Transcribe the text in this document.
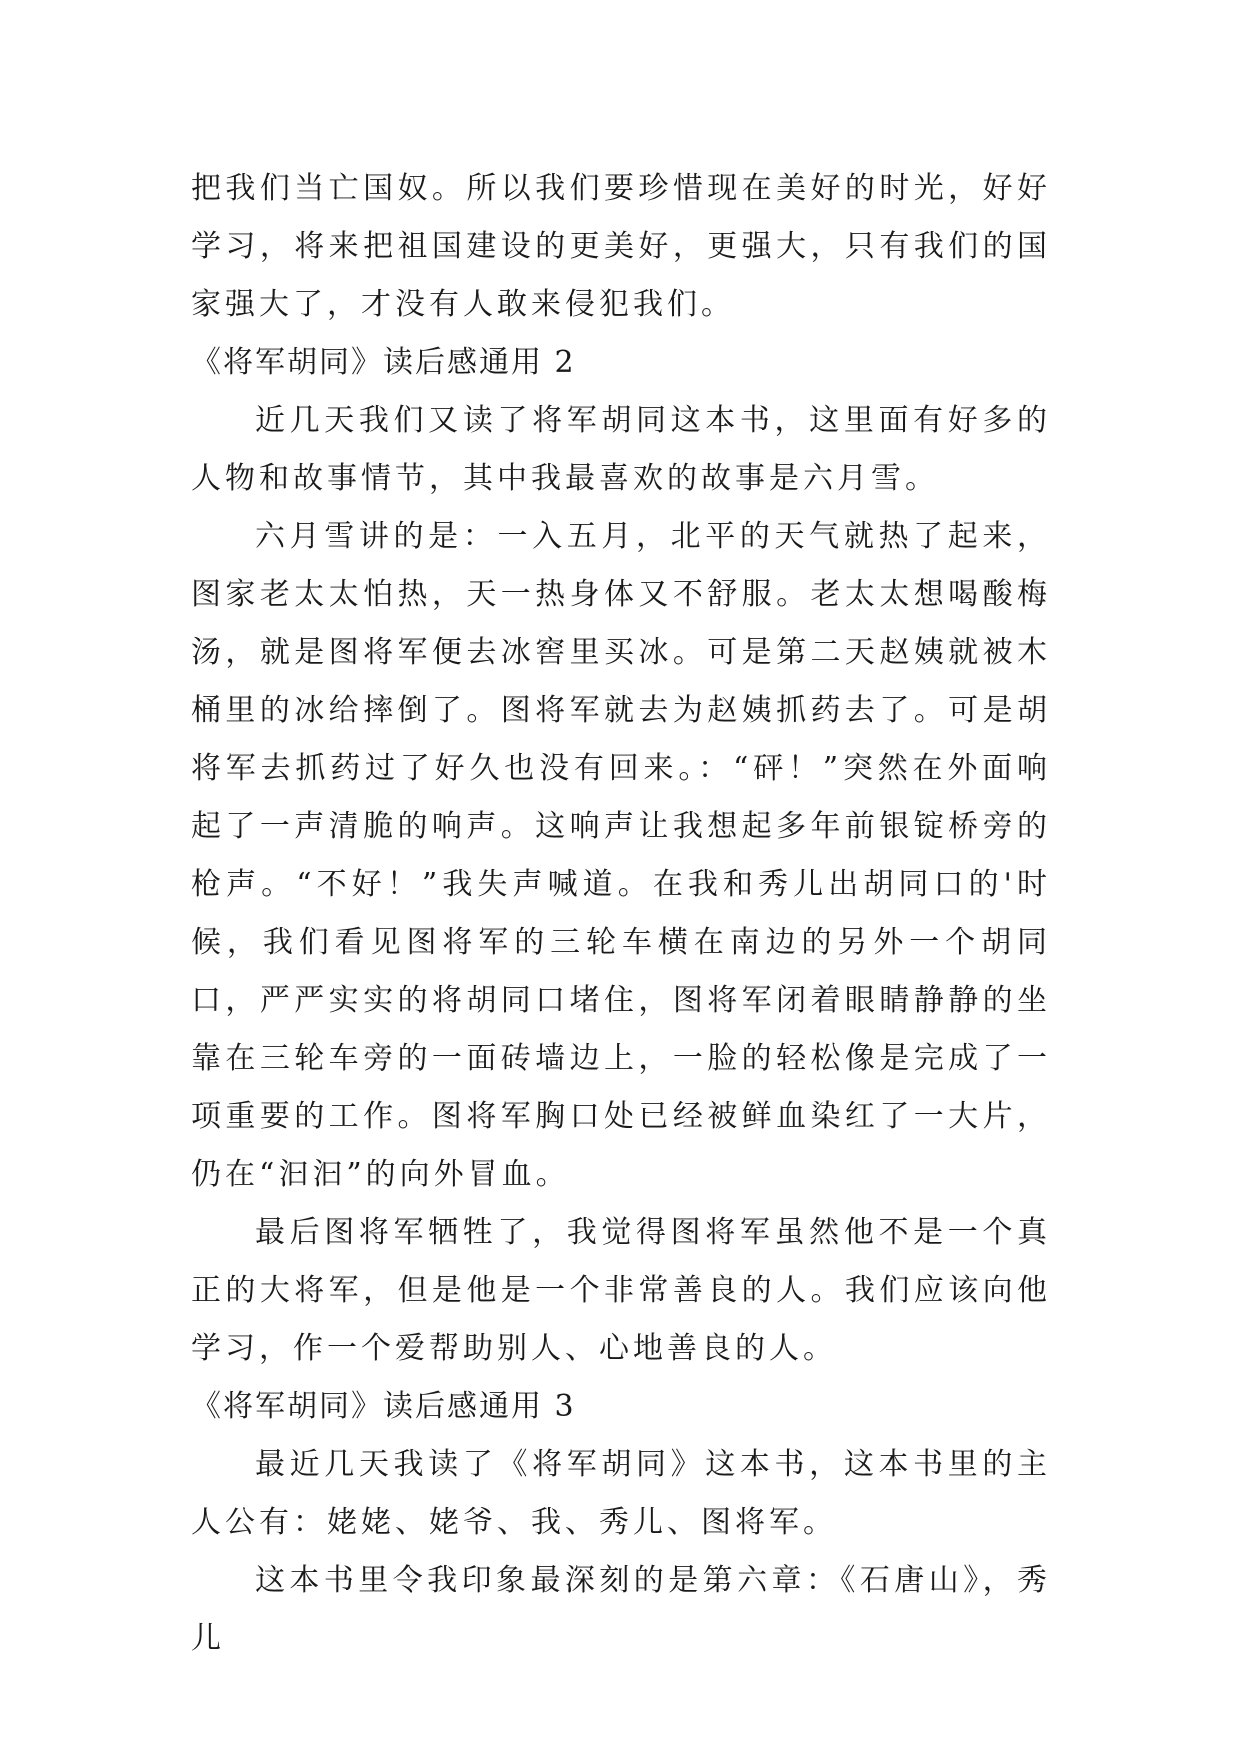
把我们当亡国奴。所以我们要珍惜现在美好的时光，好好学习，将来把祖国建设的更美好，更强大，只有我们的国家强大了，才没有人敢来侵犯我们。

《将军胡同》读后感通用 2

近几天我们又读了将军胡同这本书，这里面有好多的人物和故事情节，其中我最喜欢的故事是六月雪。

六月雪讲的是：一入五月，北平的天气就热了起来，图家老太太怕热，天一热身体又不舒服。老太太想喝酸梅汤，就是图将军便去冰窖里买冰。可是第二天赵姨就被木桶里的冰给摔倒了。图将军就去为赵姨抓药去了。可是胡将军去抓药过了好久也没有回来。：“砰！”突然在外面响起了一声清脆的响声。这响声让我想起多年前银锭桥旁的枪声。“不好！”我失声喊道。在我和秀儿出胡同口的'时候，我们看见图将军的三轮车横在南边的另外一个胡同口，严严实实的将胡同口堵住，图将军闭着眼睛静静的坐靠在三轮车旁的一面砖墙边上，一脸的轻松像是完成了一项重要的工作。图将军胸口处已经被鲜血染红了一大片，仍在“汩汩”的向外冒血。

最后图将军牺牲了，我觉得图将军虽然他不是一个真正的大将军，但是他是一个非常善良的人。我们应该向他学习，作一个爱帮助别人、心地善良的人。

《将军胡同》读后感通用 3

最近几天我读了《将军胡同》这本书，这本书里的主人公有：姥姥、姥爷、我、秀儿、图将军。

这本书里令我印象最深刻的是第六章：《石唐山》，秀儿
